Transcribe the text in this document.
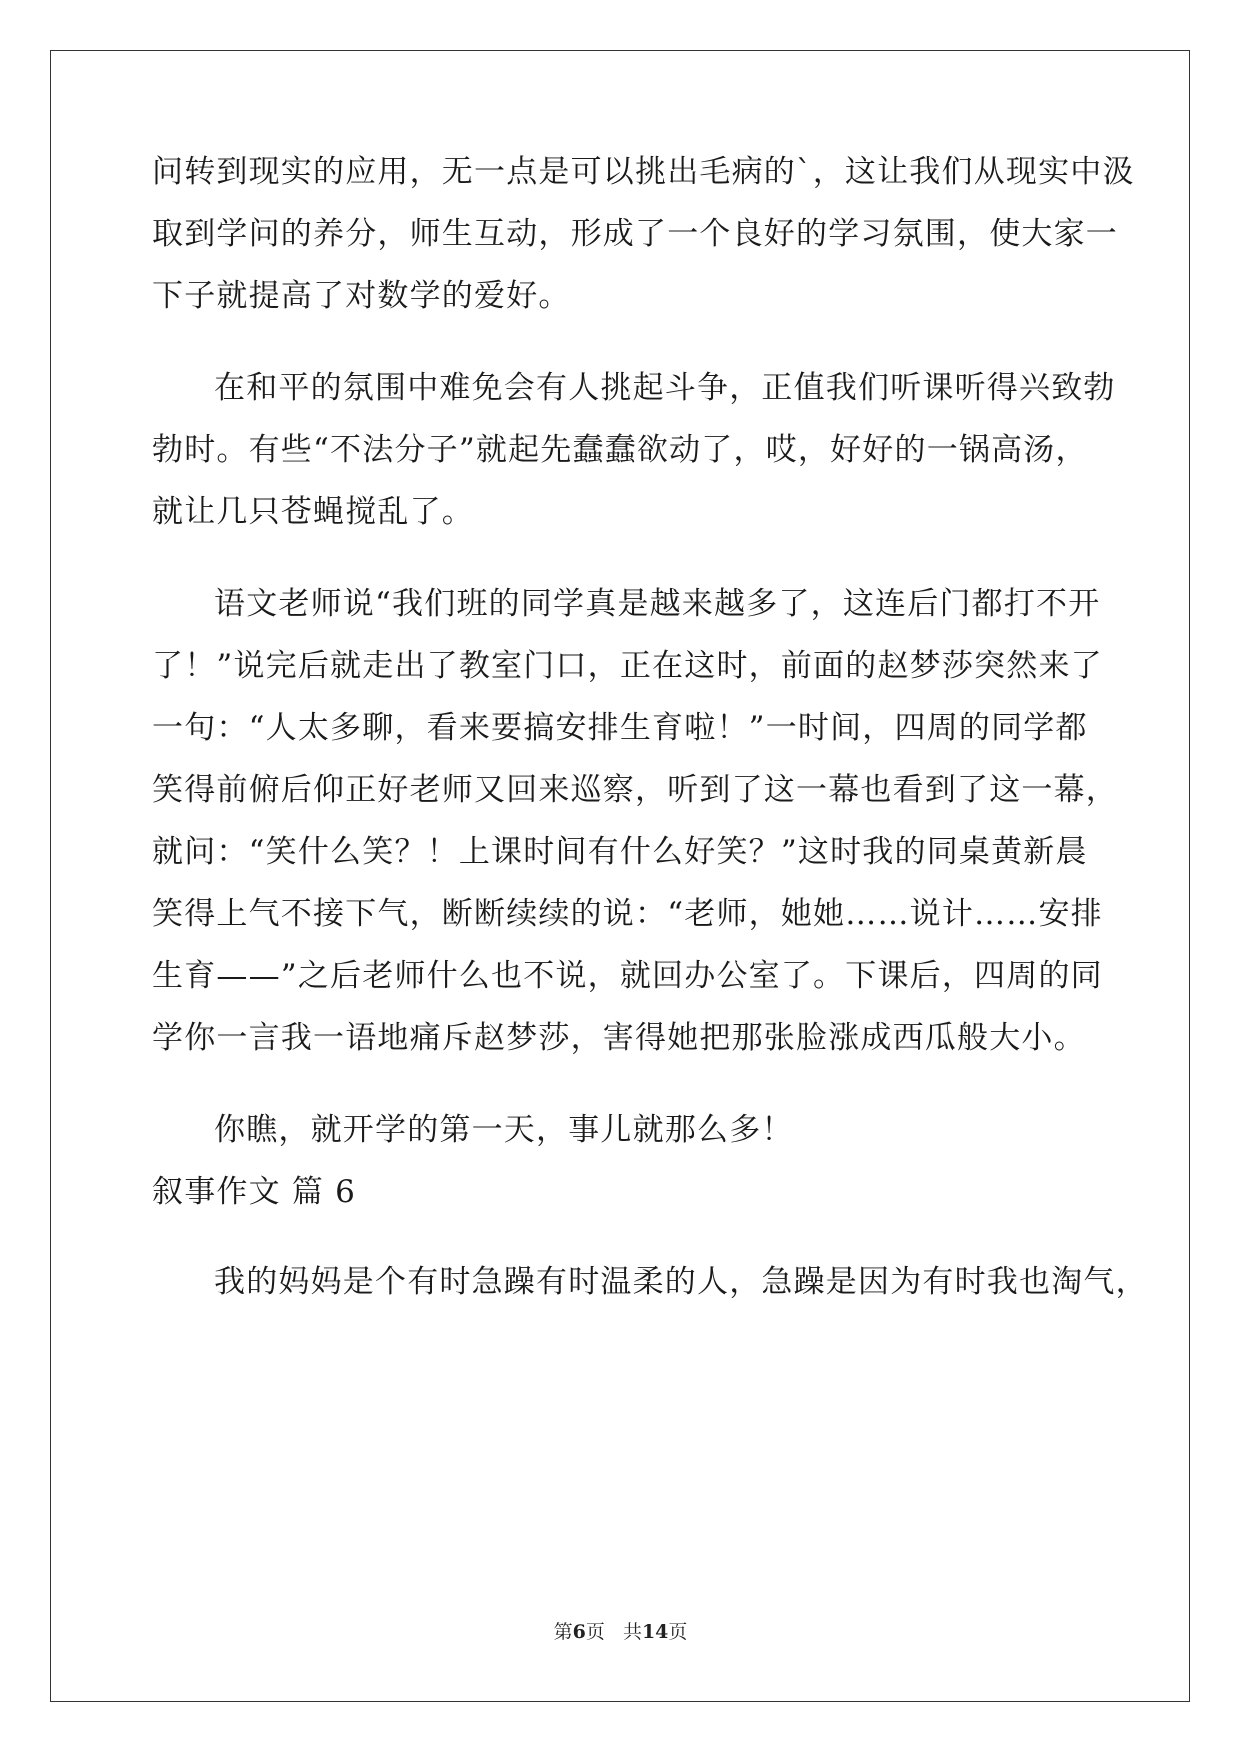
问转到现实的应用，无一点是可以挑出毛病的`，这让我们从现实中汲
取到学问的养分，师生互动，形成了一个良好的学习氛围，使大家一
下子就提高了对数学的爱好。
在和平的氛围中难免会有人挑起斗争，正值我们听课听得兴致勃
勃时。有些“不法分子”就起先蠢蠢欲动了，哎，好好的一锅高汤，
就让几只苍蝇搅乱了。
语文老师说“我们班的同学真是越来越多了，这连后门都打不开
了！”说完后就走出了教室门口，正在这时，前面的赵梦莎突然来了
一句：“人太多聊，看来要搞安排生育啦！”一时间，四周的同学都
笑得前俯后仰正好老师又回来巡察，听到了这一幕也看到了这一幕，
就问：“笑什么笑？！上课时间有什么好笑？”这时我的同桌黄新晨
笑得上气不接下气，断断续续的说：“老师，她她……说计……安排
生育——”之后老师什么也不说，就回办公室了。下课后，四周的同
学你一言我一语地痛斥赵梦莎，害得她把那张脸涨成西瓜般大小。
你瞧，就开学的第一天，事儿就那么多！
叙事作文 篇 6
我的妈妈是个有时急躁有时温柔的人，急躁是因为有时我也淘气，
第6页   共14页
